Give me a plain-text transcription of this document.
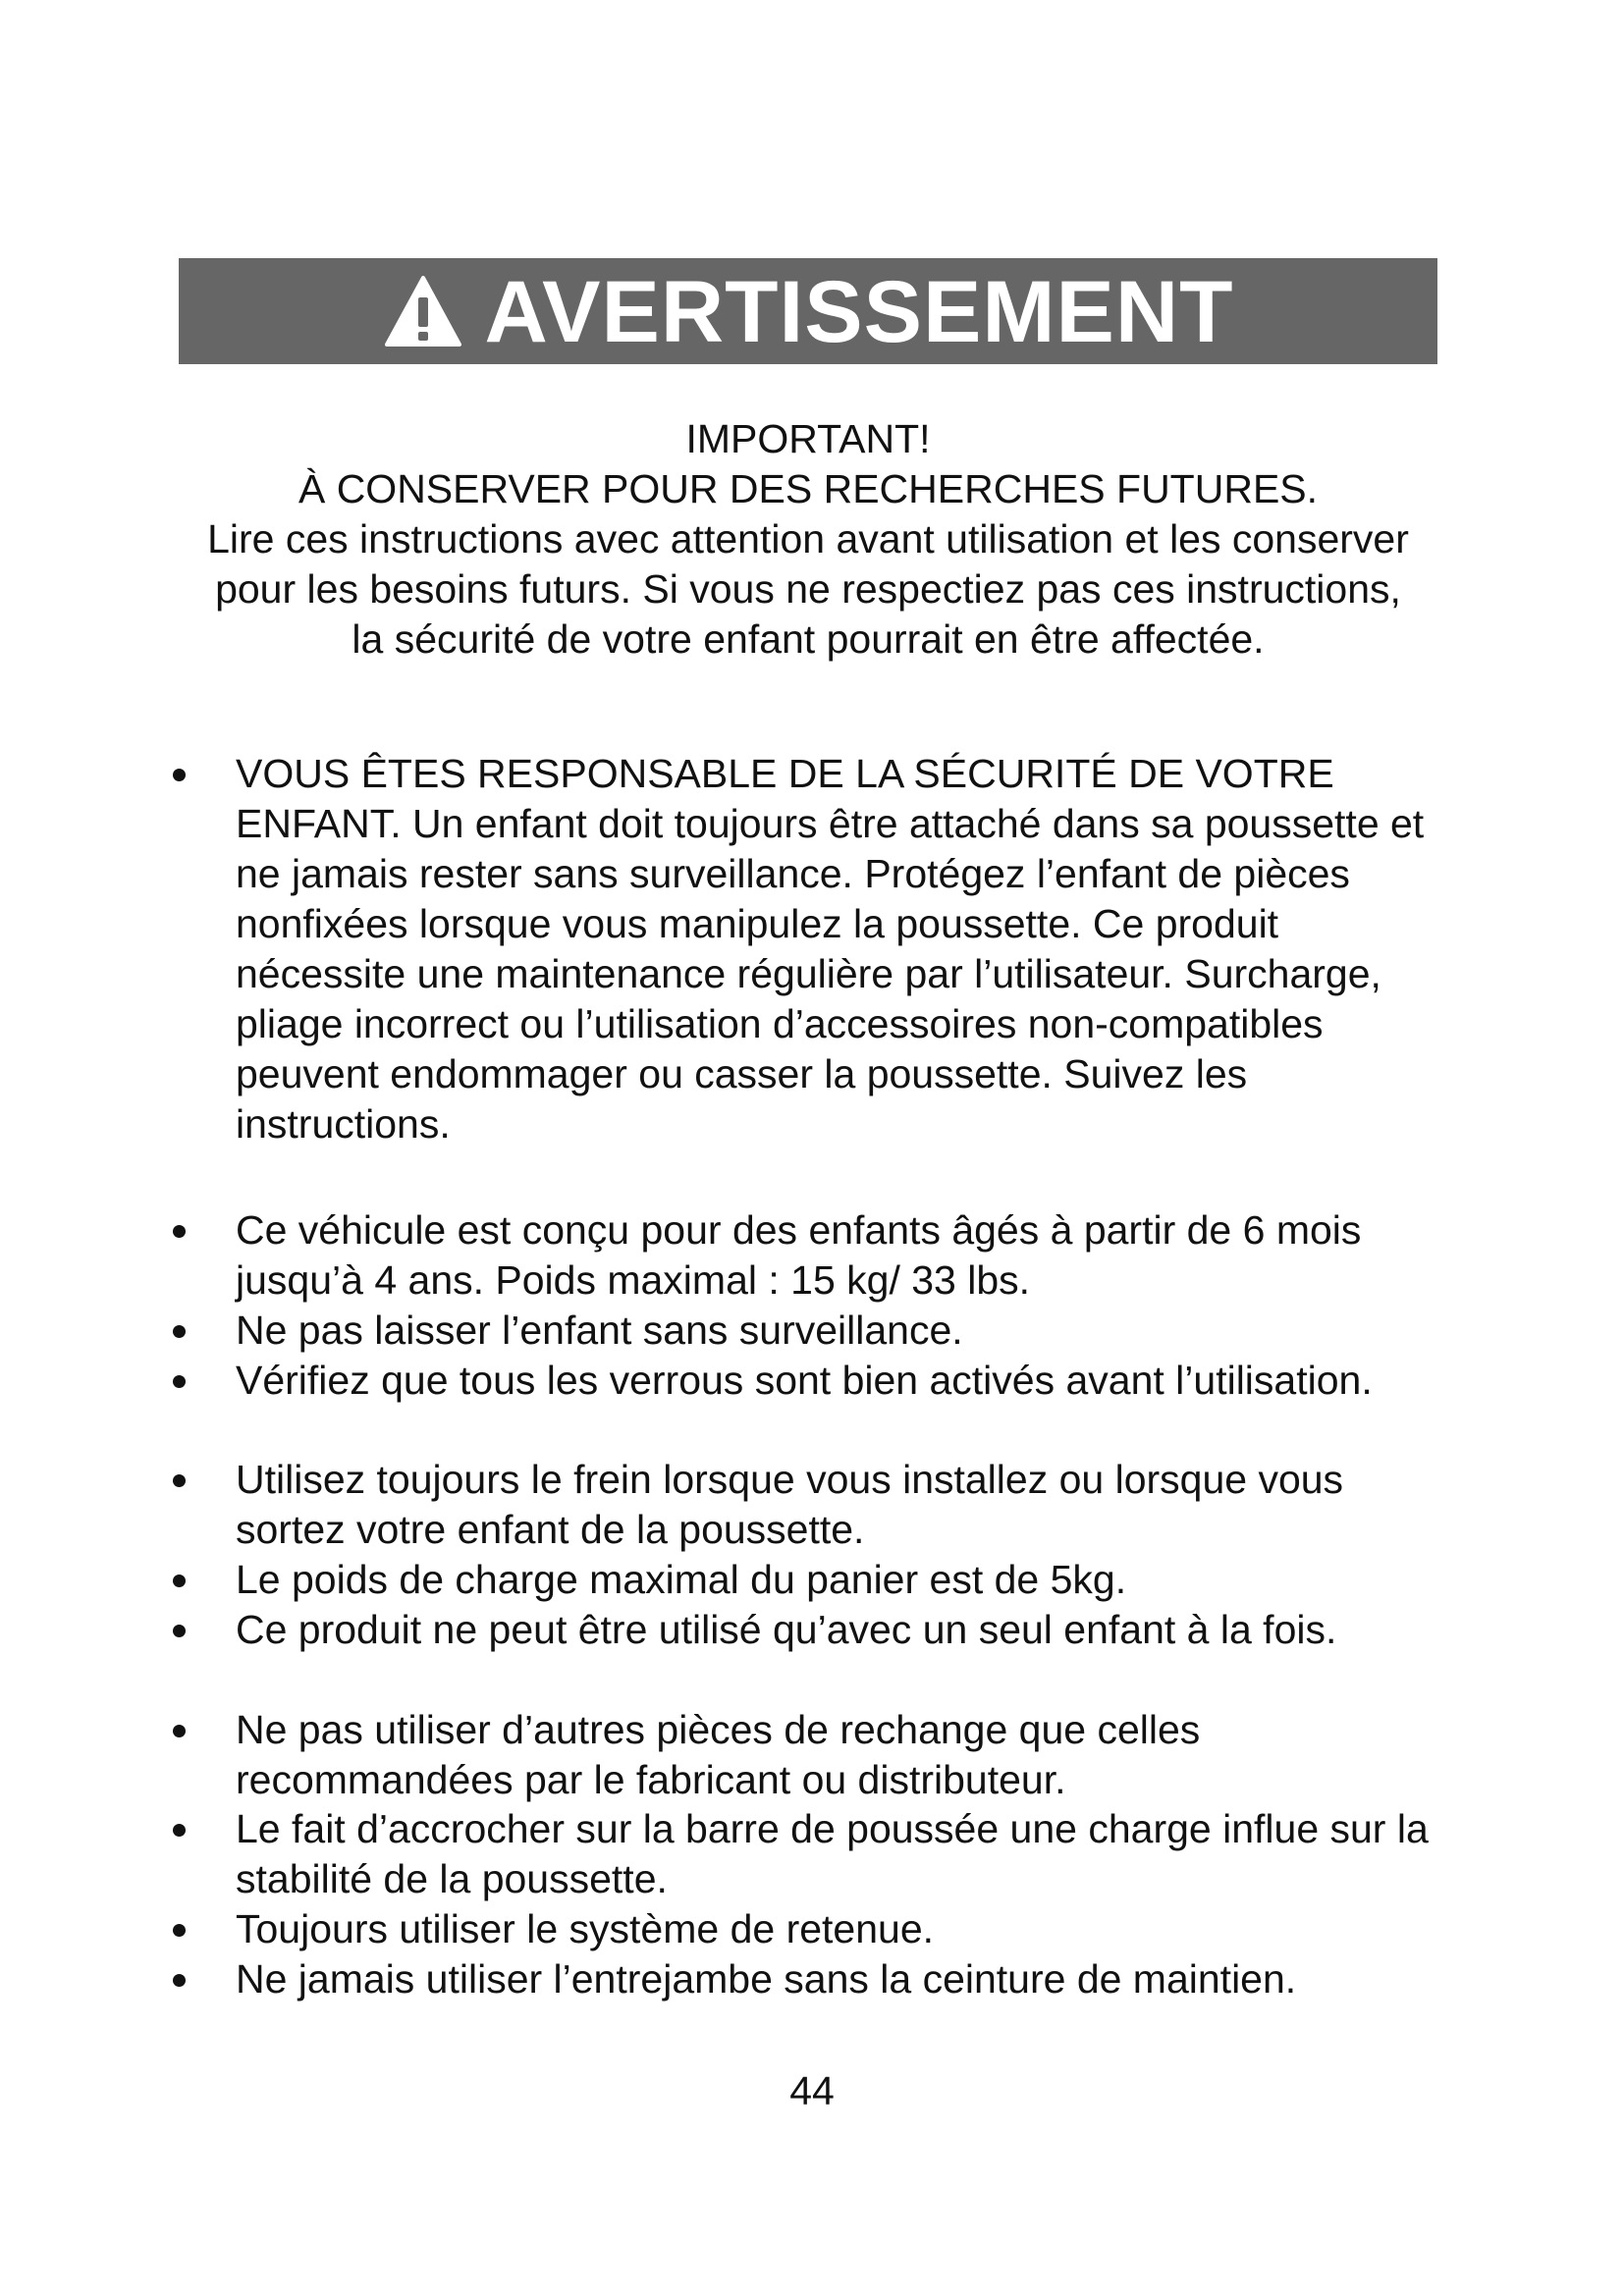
AVERTISSEMENT
IMPORTANT!
À CONSERVER POUR DES RECHERCHES FUTURES.
Lire ces instructions avec attention avant utilisation et les conserver pour les besoins futurs. Si vous ne respectiez pas ces instructions, la sécurité de votre enfant pourrait en être affectée.
VOUS ÊTES RESPONSABLE DE LA SÉCURITÉ DE VOTRE ENFANT. Un enfant doit toujours être attaché dans sa poussette et ne jamais rester sans surveillance. Protégez l’enfant de pièces nonfixées lorsque vous manipulez la poussette. Ce produit nécessite une maintenance régulière par l’utilisateur. Surcharge, pliage incorrect ou l’utilisation d’accessoires non-compatibles peuvent endommager ou casser la poussette. Suivez les instructions.
Ce véhicule est conçu pour des enfants âgés à partir de 6 mois jusqu’à 4 ans. Poids maximal : 15 kg/ 33 lbs.
Ne pas laisser l’enfant sans surveillance.
Vérifiez que tous les verrous sont bien activés avant l’utilisation.
Utilisez toujours le frein lorsque vous installez ou lorsque vous sortez votre enfant de la poussette.
Le poids de charge maximal du panier est de 5kg.
Ce produit ne peut être utilisé qu’avec un seul enfant à la fois.
Ne pas utiliser d’autres pièces de rechange que celles recommandées par le fabricant ou distributeur.
Le fait d’accrocher sur la barre de poussée une charge influe sur la stabilité de la poussette.
Toujours utiliser le système de retenue.
Ne jamais utiliser l’entrejambe sans la ceinture de maintien.
44
